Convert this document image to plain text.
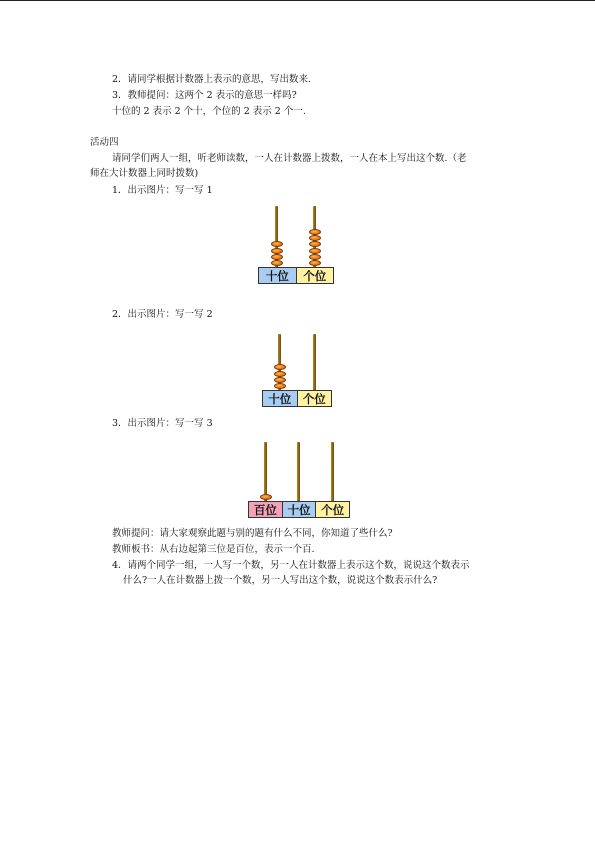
2．请同学根据计数器上表示的意思，写出数来.
3．教师提问：这两个 2 表示的意思一样吗?
十位的 2 表示 2 个十，个位的 2 表示 2 个一.
活动四
请同学们两人一组，听老师读数，一人在计数器上拨数，一人在本上写出这个数.（老
师在大计数器上同时拨数)
1．出示图片：写一写 1
十位	个位
2．出示图片：写一写 2
十位	个位
3．出示图片：写一写 3
百位 十位 个位
教师提问：请大家观察此题与别的题有什么不同，你知道了些什么?
教师板书：从右边起第三位是百位，表示一个百.
4．请两个同学一组，一人写一个数，另一人在计数器上表示这个数，说说这个数表示
什么?一人在计数器上拨一个数，另一人写出这个数，说说这个数表示什么?
